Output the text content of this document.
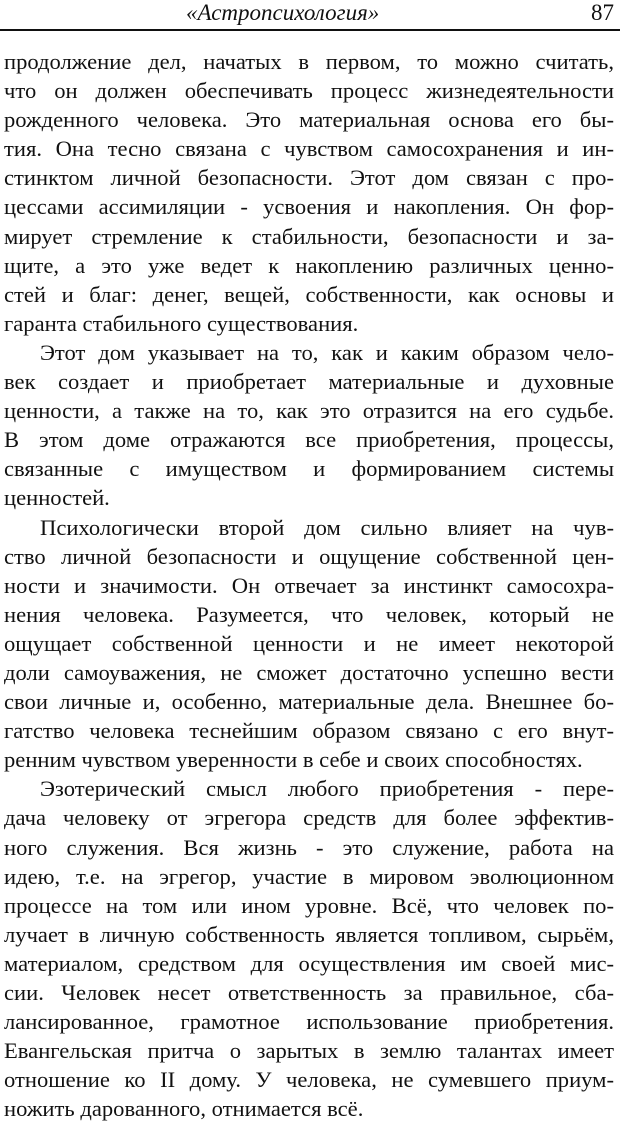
«Астропсихология»	87
продолжение дел, начатых в первом, то можно считать,
что он должен обеспечивать процесс жизнедеятельности
рожденного человека. Это материальная основа его бы-
тия. Она тесно связана с чувством самосохранения и ин-
стинктом личной безопасности. Этот дом связан с про-
цессами ассимиляции - усвоения и накопления. Он фор-
мирует стремление к стабильности, безопасности и за-
щите, а это уже ведет к накоплению различных ценно-
стей и благ: денег, вещей, собственности, как основы и
гаранта стабильного существования.
Этот дом указывает на то, как и каким образом чело-
век создает и приобретает материальные и духовные
ценности, а также на то, как это отразится на его судьбе.
В этом доме отражаются все приобретения, процессы,
связанные с имуществом и формированием системы
ценностей.
Психологически второй дом сильно влияет на чув-
ство личной безопасности и ощущение собственной цен-
ности и значимости. Он отвечает за инстинкт самосохра-
нения человека. Разумеется, что человек, который не
ощущает собственной ценности и не имеет некоторой
доли самоуважения, не сможет достаточно успешно вести
свои личные и, особенно, материальные дела. Внешнее бо-
гатство человека теснейшим образом связано с его внут-
ренним чувством уверенности в себе и своих способностях.
Эзотерический смысл любого приобретения - пере-
дача человеку от эгрегора средств для более эффектив-
ного служения. Вся жизнь - это служение, работа на
идею, т.е. на эгрегор, участие в мировом эволюционном
процессе на том или ином уровне. Всё, что человек по-
лучает в личную собственность является топливом, сырьём,
материалом, средством для осуществления им своей мис-
сии. Человек несет ответственность за правильное, сба-
лансированное, грамотное использование приобретения.
Евангельская притча о зарытых в землю талантах имеет
отношение ко II дому. У человека, не сумевшего приум-
ножить дарованного, отнимается всё.
